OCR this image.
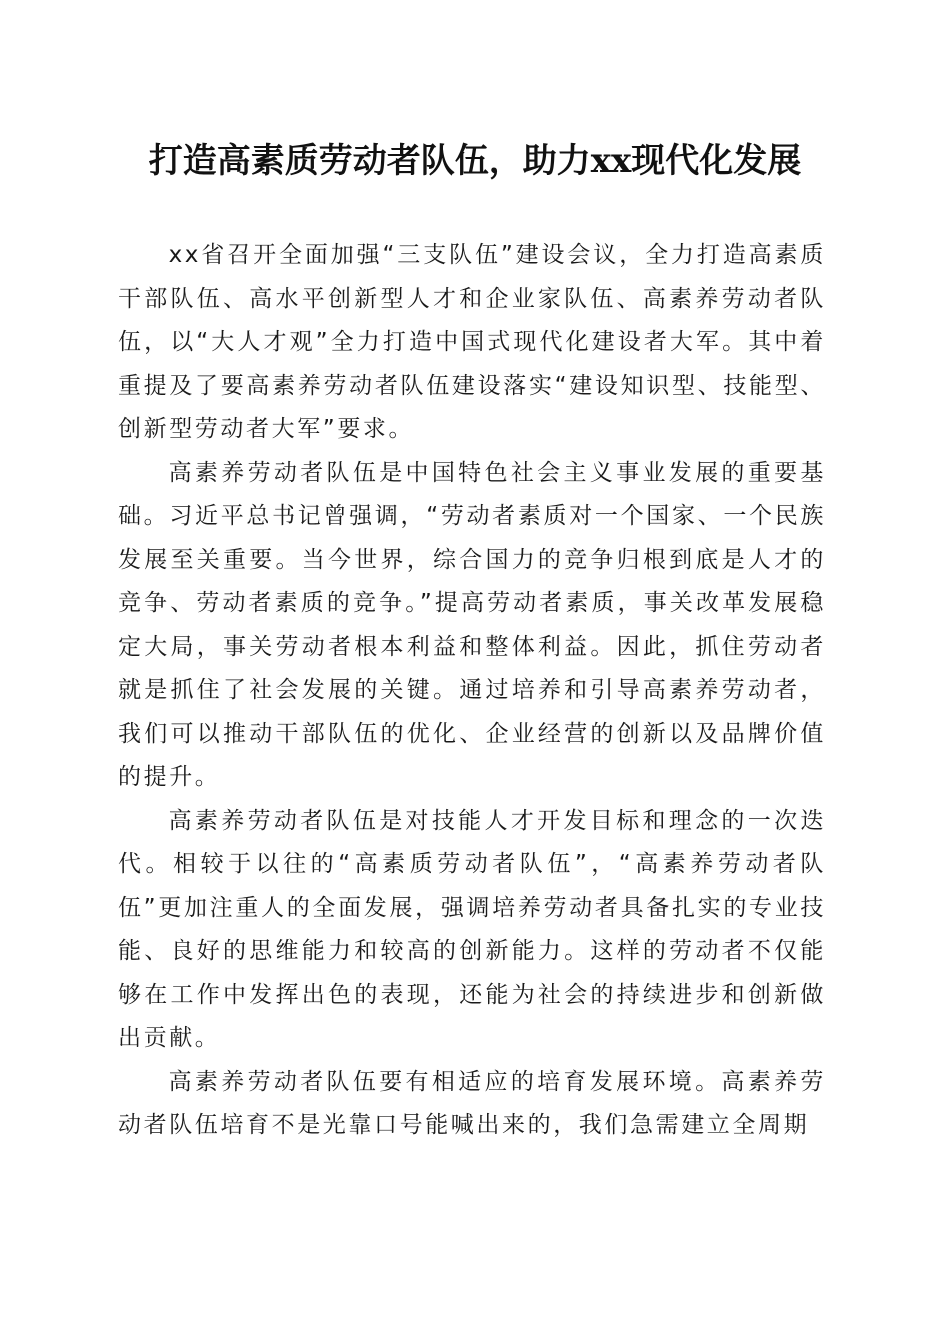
打造高素质劳动者队伍，助力xx现代化发展

xx省召开全面加强“三支队伍”建设会议，全力打造高素质干部队伍、高水平创新型人才和企业家队伍、高素养劳动者队伍，以“大人才观”全力打造中国式现代化建设者大军。其中着重提及了要高素养劳动者队伍建设落实“建设知识型、技能型、创新型劳动者大军”要求。

高素养劳动者队伍是中国特色社会主义事业发展的重要基础。习近平总书记曾强调，“劳动者素质对一个国家、一个民族发展至关重要。当今世界，综合国力的竞争归根到底是人才的竞争、劳动者素质的竞争。”提高劳动者素质，事关改革发展稳定大局，事关劳动者根本利益和整体利益。因此，抓住劳动者就是抓住了社会发展的关键。通过培养和引导高素养劳动者，我们可以推动干部队伍的优化、企业经营的创新以及品牌价值的提升。

高素养劳动者队伍是对技能人才开发目标和理念的一次迭代。相较于以往的“高素质劳动者队伍”，“高素养劳动者队伍”更加注重人的全面发展，强调培养劳动者具备扎实的专业技能、良好的思维能力和较高的创新能力。这样的劳动者不仅能够在工作中发挥出色的表现，还能为社会的持续进步和创新做出贡献。

高素养劳动者队伍要有相适应的培育发展环境。高素养劳动者队伍培育不是光靠口号能喊出来的，我们急需建立全周期
